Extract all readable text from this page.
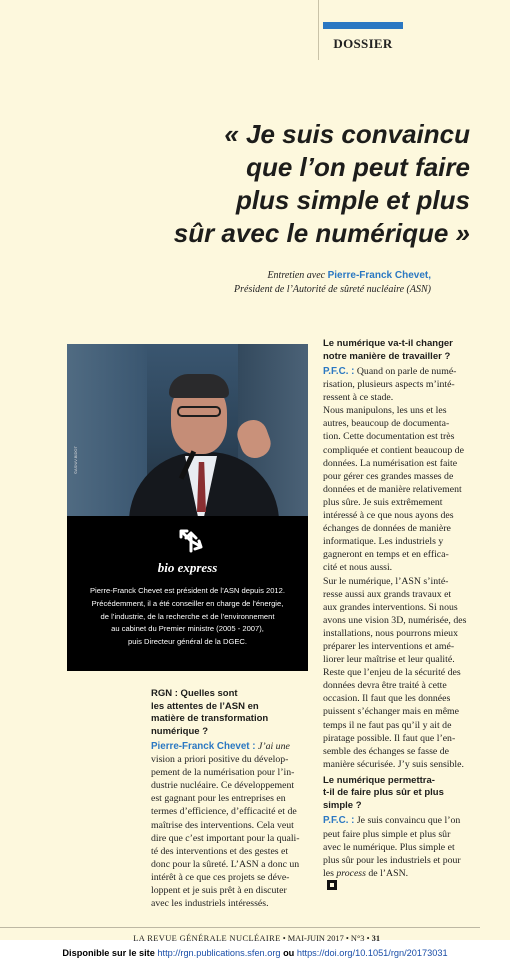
DOSSIER
« Je suis convaincu
que l’on peut faire
plus simple et plus
sûr avec le numérique »
Entretien avec Pierre-Franck Chevet,
Président de l’Autorité de sûreté nucléaire (ASN)
©ASN/V.BIDOT
bio express
Pierre-Franck Chevet est président de l’ASN depuis 2012.
Précédemment, il a été conseiller en charge de l’énergie,
de l’industrie, de la recherche et de l’environnement
au cabinet du Premier ministre (2005 - 2007),
puis Directeur général de la DGEC.
RGN : Quelles sont
les attentes de l’ASN en
matière de transformation
numérique ?
Pierre-Franck Chevet : J’ai une
vision a priori positive du dévelop-
pement de la numérisation pour l’in-
dustrie nucléaire. Ce développement
est gagnant pour les entreprises en
termes d’efficience, d’efficacité et de
maîtrise des interventions. Cela veut
dire que c’est important pour la quali-
té des interventions et des gestes et
donc pour la sûreté. L’ASN a donc un
intérêt à ce que ces projets se déve-
loppent et je suis prêt à en discuter
avec les industriels intéressés.
Le numérique va-t-il changer
notre manière de travailler ?
P.F.C. : Quand on parle de numé-
risation, plusieurs aspects m’inté-
ressent à ce stade.
Nous manipulons, les uns et les
autres, beaucoup de documenta-
tion. Cette documentation est très
compliquée et contient beaucoup de
données. La numérisation est faite
pour gérer ces grandes masses de
données et de manière relativement
plus sûre. Je suis extrêmement
intéressé à ce que nous ayons des
échanges de données de manière
informatique. Les industriels y
gagneront en temps et en effica-
cité et nous aussi.
Sur le numérique, l’ASN s’inté-
resse aussi aux grands travaux et
aux grandes interventions. Si nous
avons une vision 3D, numérisée, des
installations, nous pourrons mieux
préparer les interventions et amé-
liorer leur maîtrise et leur qualité.
Reste que l’enjeu de la sécurité des
données devra être traité à cette
occasion. Il faut que les données
puissent s’échanger mais en même
temps il ne faut pas qu’il y ait de
piratage possible. Il faut que l’en-
semble des échanges se fasse de
manière sécurisée. J’y suis sensible.
Le numérique permettra-
t-il de faire plus sûr et plus
simple ?
P.F.C. : Je suis convaincu que l’on
peut faire plus simple et plus sûr
avec le numérique. Plus simple et
plus sûr pour les industriels et pour
les process de l’ASN.
LA REVUE GÉNÉRALE NUCLÉAIRE • MAI-JUIN 2017 • N°3 • 31
Disponible sur le site http://rgn.publications.sfen.org ou https://doi.org/10.1051/rgn/20173031
